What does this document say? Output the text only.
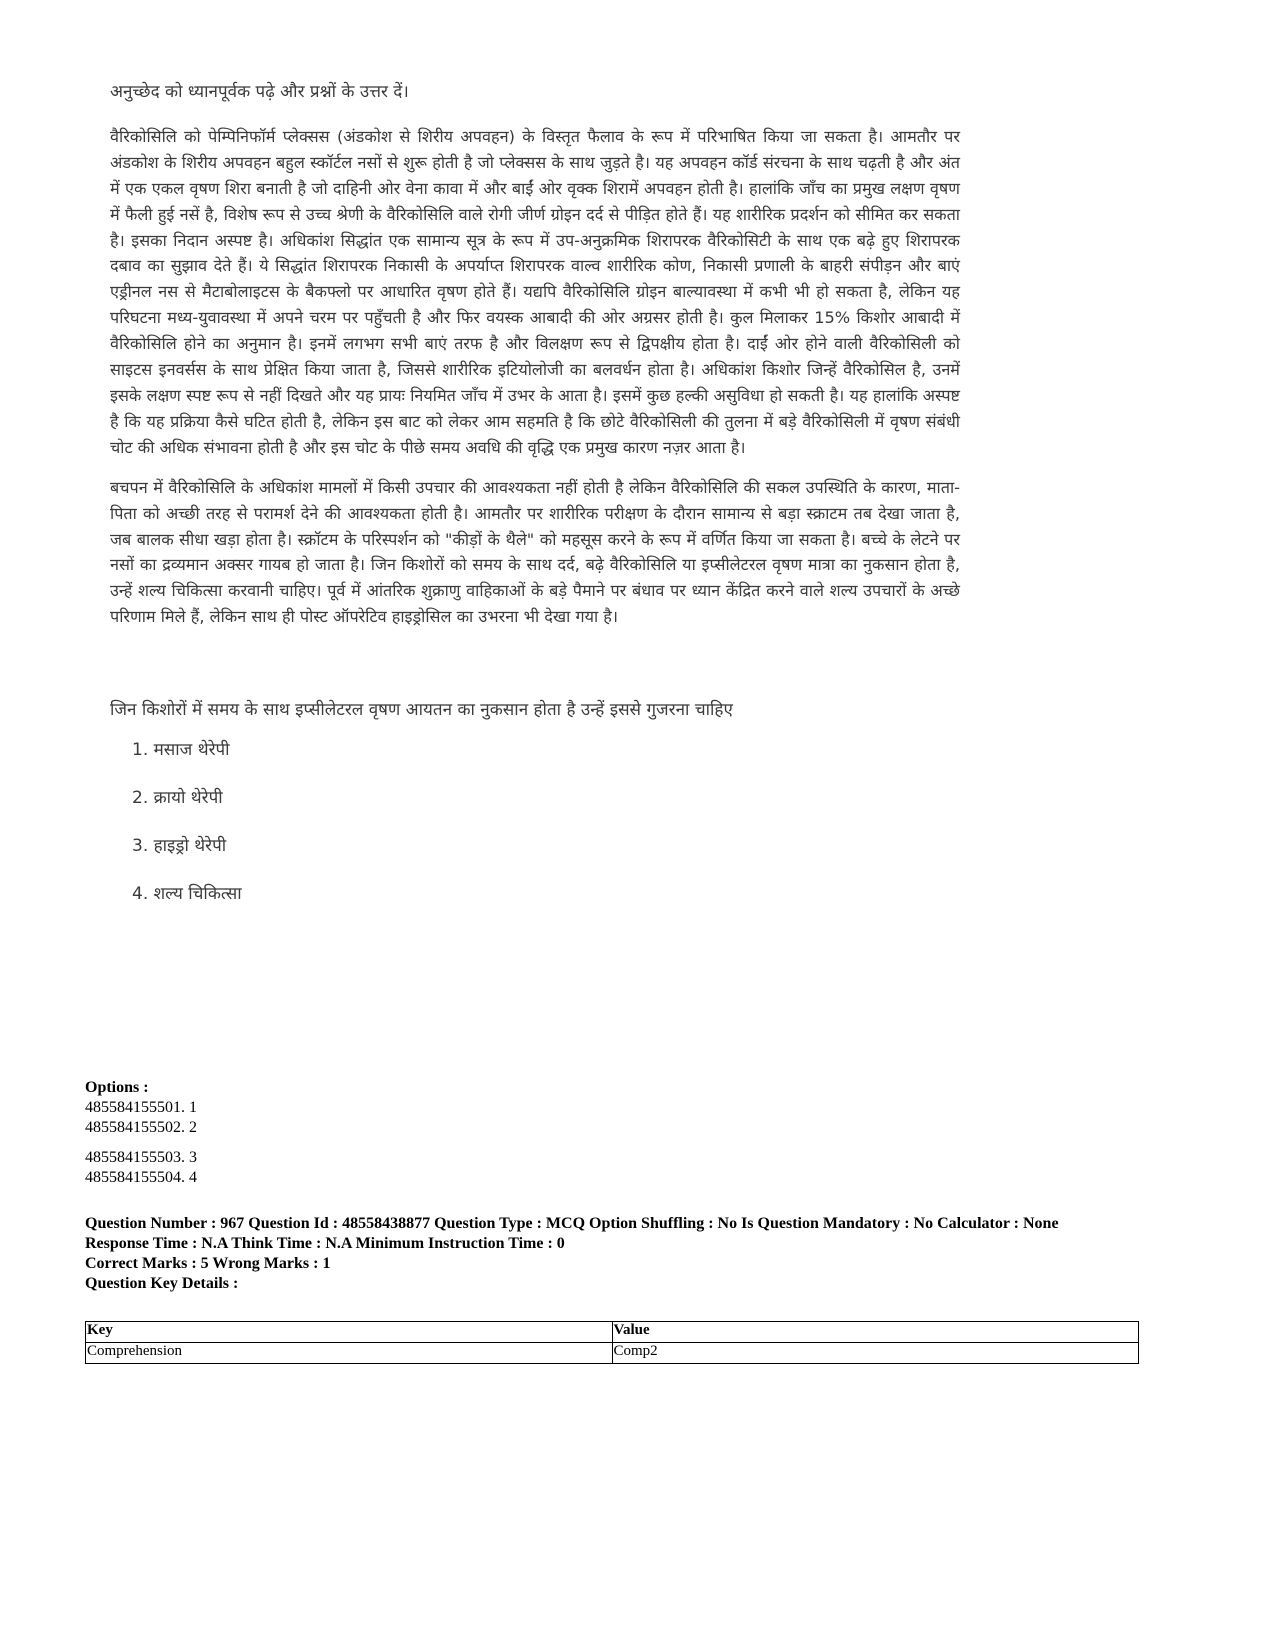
अनुच्छेद को ध्यानपूर्वक पढ़े और प्रश्नों के उत्तर दें।

वैरिकोसिलि को पेम्पिनिफॉर्म प्लेक्सस (अंडकोश से शिरीय अपवहन) के विस्तृत फैलाव के रूप में परिभाषित किया जा सकता है। आमतौर पर अंडकोश के शिरीय अपवहन बहुल स्कॉर्टल नसों से शुरू होती है जो प्लेक्सस के साथ जुड़ते है। यह अपवहन कॉर्ड संरचना के साथ चढ़ती है और अंत में एक एकल वृषण शिरा बनाती है जो दाहिनी ओर वेना कावा में और बाईं ओर वृक्क शिरामें अपवहन होती है। हालांकि जाँच का प्रमुख लक्षण वृषण में फैली हुई नसें है, विशेष रूप से उच्च श्रेणी के वैरिकोसिलि वाले रोगी जीर्ण ग्रोइन दर्द से पीड़ित होते हैं। यह शारीरिक प्रदर्शन को सीमित कर सकता है। इसका निदान अस्पष्ट है। अधिकांश सिद्धांत एक सामान्य सूत्र के रूप में उप-अनुक्रमिक शिरापरक वैरिकोसिटी के साथ एक बढ़े हुए शिरापरक दबाव का सुझाव देते हैं। ये सिद्धांत शिरापरक निकासी के अपर्याप्त शिरापरक वाल्व शारीरिक कोण, निकासी प्रणाली के बाहरी संपीड़न और बाएं एड्रीनल नस से मैटाबोलाइटस के बैकफ्लो पर आधारित वृषण होते हैं। यद्यपि वैरिकोसिलि ग्रोइन बाल्यावस्था में कभी भी हो सकता है, लेकिन यह परिघटना मध्य-युवावस्था में अपने चरम पर पहुँचती है और फिर वयस्क आबादी की ओर अग्रसर होती है। कुल मिलाकर 15% किशोर आबादी में वैरिकोसिलि होने का अनुमान है। इनमें लगभग सभी बाएं तरफ है और विलक्षण रूप से द्विपक्षीय होता है। दाईं ओर होने वाली वैरिकोसिली को साइटस इनवर्सस के साथ प्रेक्षित किया जाता है, जिससे शारीरिक इटियोलोजी का बलवर्धन होता है। अधिकांश किशोर जिन्हें वैरिकोसिल है, उनमें इसके लक्षण स्पष्ट रूप से नहीं दिखते और यह प्रायः नियमित जाँच में उभर के आता है। इसमें कुछ हल्की असुविधा हो सकती है। यह हालांकि अस्पष्ट है कि यह प्रक्रिया कैसे घटित होती है, लेकिन इस बाट को लेकर आम सहमति है कि छोटे वैरिकोसिली की तुलना में बड़े वैरिकोसिली में वृषण संबंधी चोट की अधिक संभावना होती है और इस चोट के पीछे समय अवधि की वृद्धि एक प्रमुख कारण नज़र आता है।

बचपन में वैरिकोसिलि के अधिकांश मामलों में किसी उपचार की आवश्यकता नहीं होती है लेकिन वैरिकोसिलि की सकल उपस्थिति के कारण, माता-पिता को अच्छी तरह से परामर्श देने की आवश्यकता होती है। आमतौर पर शारीरिक परीक्षण के दौरान सामान्य से बड़ा स्क्राटम तब देखा जाता है, जब बालक सीधा खड़ा होता है। स्क्रॉटम के परिस्पर्शन को "कीड़ों के थैले" को महसूस करने के रूप में वर्णित किया जा सकता है। बच्चे के लेटने पर नसों का द्रव्यमान अक्सर गायब हो जाता है। जिन किशोरों को समय के साथ दर्द, बढ़े वैरिकोसिलि या इप्सीलेटरल वृषण मात्रा का नुकसान होता है, उन्हें शल्य चिकित्सा करवानी चाहिए। पूर्व में आंतरिक शुक्राणु वाहिकाओं के बड़े पैमाने पर बंधाव पर ध्यान केंद्रित करने वाले शल्य उपचारों के अच्छे परिणाम मिले हैं, लेकिन साथ ही पोस्ट ऑपरेटिव हाइड्रोसिल का उभरना भी देखा गया है।

जिन किशोरों में समय के साथ इप्सीलेटरल वृषण आयतन का नुकसान होता है उन्हें इससे गुजरना चाहिए
1. मसाज थेरेपी
2. क्रायो थेरेपी
3. हाइड्रो थेरेपी
4. शल्य चिकित्सा
Options :
485584155501. 1
485584155502. 2
485584155503. 3
485584155504. 4
Question Number : 967 Question Id : 48558438877 Question Type : MCQ Option Shuffling : No Is Question Mandatory : No Calculator : None
Response Time : N.A Think Time : N.A Minimum Instruction Time : 0
Correct Marks : 5 Wrong Marks : 1
Question Key Details :
Key	Value
Comprehension	Comp2
